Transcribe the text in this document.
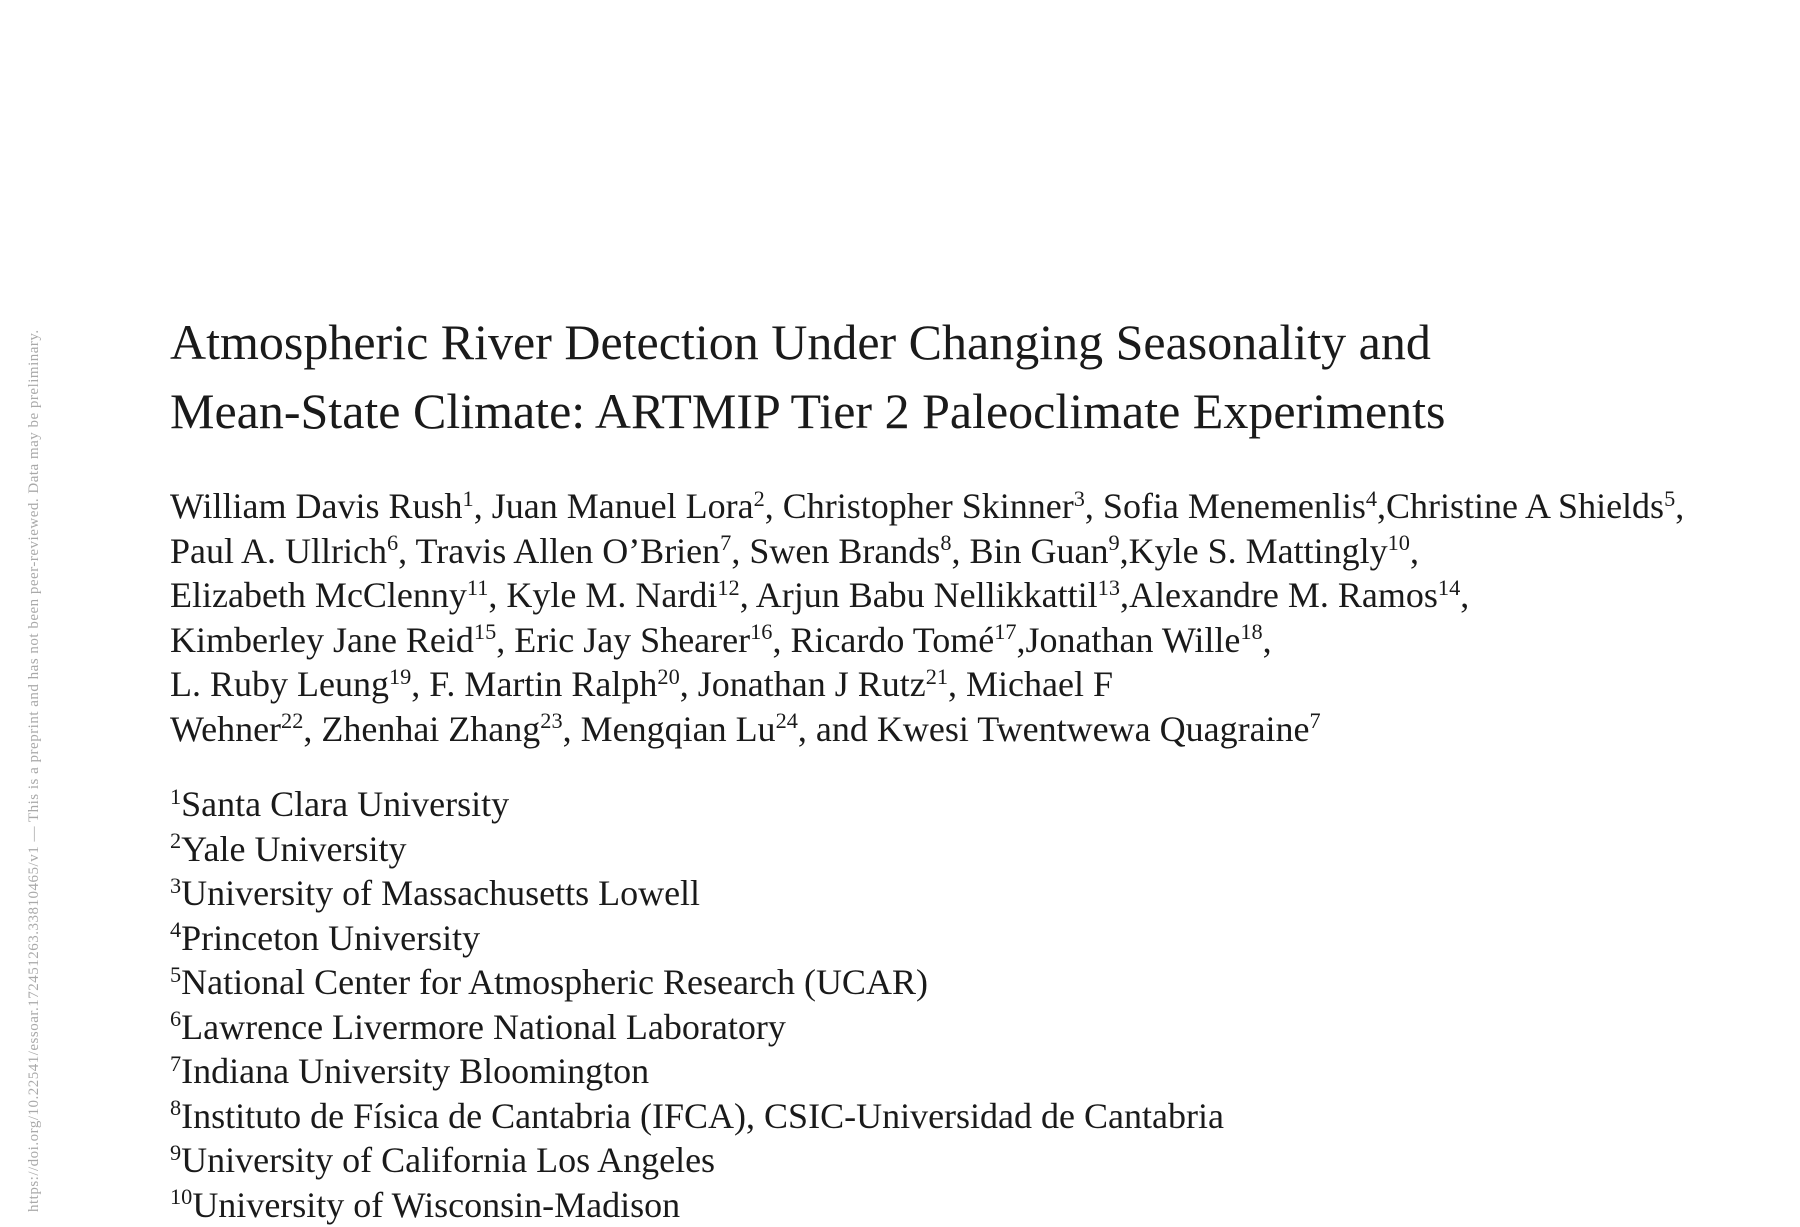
https://doi.org/10.22541/essoar.172451263.33810465/v1 — This is a preprint and has not been peer-reviewed. Data may be preliminary.	Atmospheric River Detection Under Changing Seasonality and
Mean-State Climate: ARTMIP Tier 2 Paleoclimate Experiments
William Davis Rush$^1$, Juan Manuel Lora$^2$, Christopher Skinner$^3$, Sofia Menemenlis$^4$,Christine A Shields$^5$,
Paul A. Ullrich$^6$, Travis Allen O’Brien$^7$, Swen Brands$^8$, Bin Guan$^9$,Kyle S. Mattingly$^{10}$,
Elizabeth McClenny$^{11}$, Kyle M. Nardi$^{12}$, Arjun Babu Nellikkattil$^{13}$,Alexandre M. Ramos$^{14}$,
Kimberley Jane Reid$^{15}$, Eric Jay Shearer$^{16}$, Ricardo Tomé$^{17}$,Jonathan Wille$^{18}$,
L. Ruby Leung$^{19}$, F. Martin Ralph$^{20}$, Jonathan J Rutz$^{21}$, Michael F
Wehner$^{22}$, Zhenhai Zhang$^{23}$, Mengqian Lu$^{24}$, and Kwesi Twentwewa Quagraine$^7$
$^1$Santa Clara University
$^2$Yale University
$^3$University of Massachusetts Lowell
$^4$Princeton University
$^5$National Center for Atmospheric Research (UCAR)
$^6$Lawrence Livermore National Laboratory
$^7$Indiana University Bloomington
$^8$Instituto de Física de Cantabria (IFCA), CSIC-Universidad de Cantabria
$^9$University of California Los Angeles
$^{10}$University of Wisconsin-Madison
